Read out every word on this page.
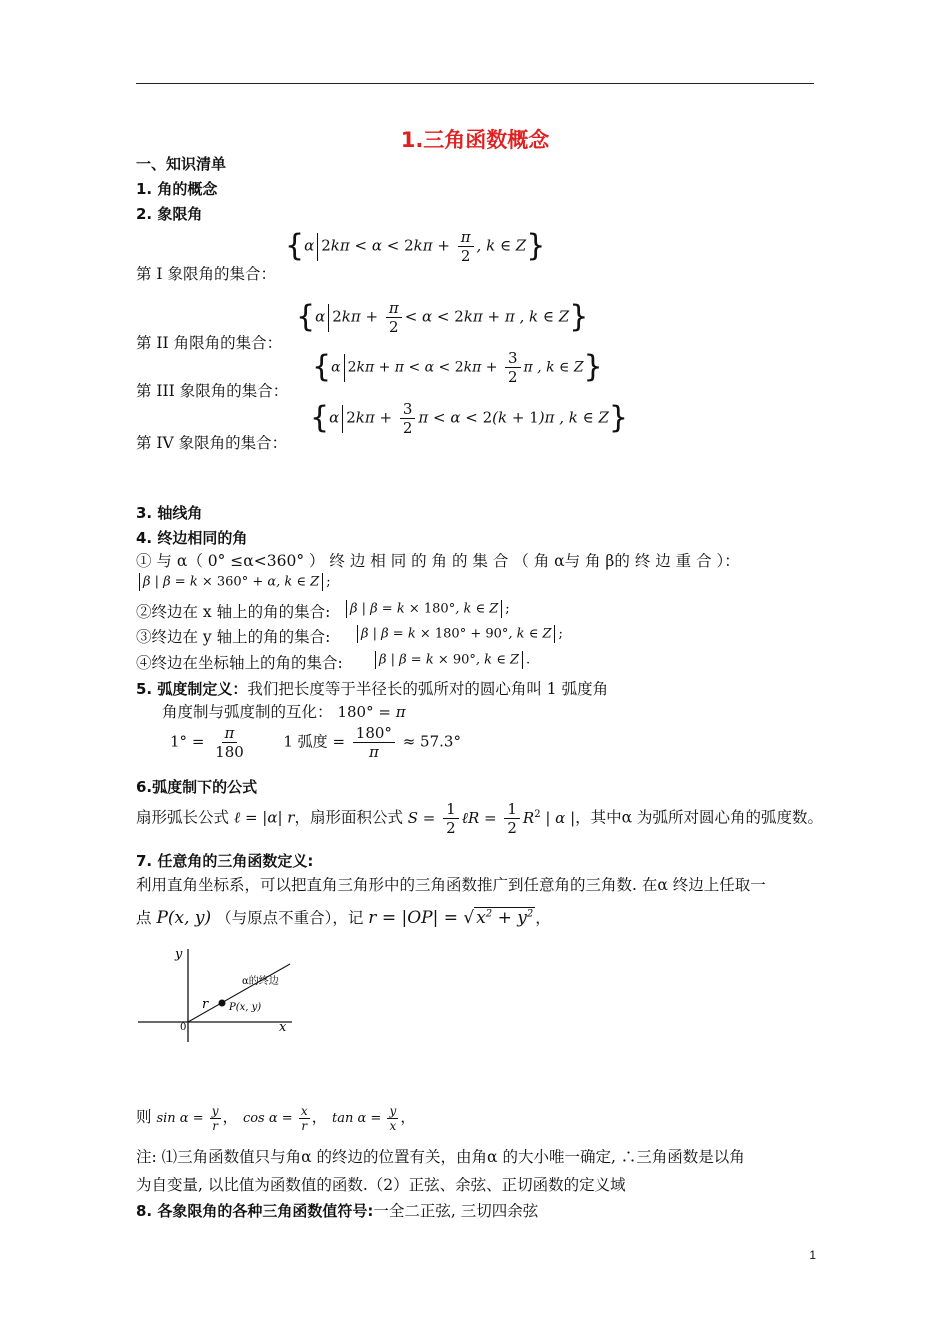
1.三角函数概念
一、知识清单
1. 角的概念
2. 象限角
第 I 象限角的集合：
{α $2k\pi < \alpha < 2k\pi + \frac{\pi}{2}$ , k ∈ Z}
第 II 角限角的集合：
{α $2k\pi + \frac{\pi}{2} < \alpha < 2k\pi + \pi$ , k ∈ Z}
第 III 象限角的集合：
{α $2k\pi + \pi < \alpha < 2k\pi + \frac{3}{2}$ π , k ∈ Z}
第 IV 象限角的集合：
{α $2k\pi + \frac{3}{2}$ π < α < 2(k + 1)π , k ∈ Z}
3. 轴线角
4. 终边相同的角
① 与 α（ 0° ≤α<360° ） 终 边 相 同 的 角 的 集 合 （ 角 α与 角 β的 终 边 重 合 ）：
β | β = k × 360° + α, k ∈ Z ;
②终边在 x 轴上的角的集合:	β | β = k × 180°, k ∈ Z ;
③终边在 y 轴上的角的集合:	β | β = k × 180° + 90°, k ∈ Z ;
④终边在坐标轴上的角的集合:	β | β = k × 90°, k ∈ Z .
5. 弧度制定义：我们把长度等于半径长的弧所对的圆心角叫 1 弧度角
角度制与弧度制的互化： 180° = π
$1^\circ = \frac{\pi}{180} 1$ 弧度 = $\frac{180^\circ}{\pi} \approx 57.3^\circ$
6.弧度制下的公式
扇形弧长公式 ℓ = |α| r，扇形面积公式 $S = \frac{1}{2}$ ℓR = $\frac{1}{2} R^2$ | α |，其中α 为弧所对圆心角的弧度数。
7. 任意角的三角函数定义:
利用直角坐标系，可以把直角三角形中的三角函数推广到任意角的三角数. 在α 终边上任取一
点 P(x, y) （与原点不重合），记 r = |OP| = √ $x^2 + y^2$ ，
y
x
0
r P(x, y)
α的终边
则 $\sin \alpha = \frac{y}{r}$ ， $\cos \alpha = \frac{x}{r}$ ， $\tan \alpha = \frac{y}{x}$ ，
注: ⑴三角函数值只与角α 的终边的位置有关，由角α 的大小唯一确定, ∴三角函数是以角
为自变量, 以比值为函数值的函数.（2）正弦、余弦、正切函数的定义域
8. 各象限角的各种三角函数值符号:一全二正弦, 三切四余弦
1
